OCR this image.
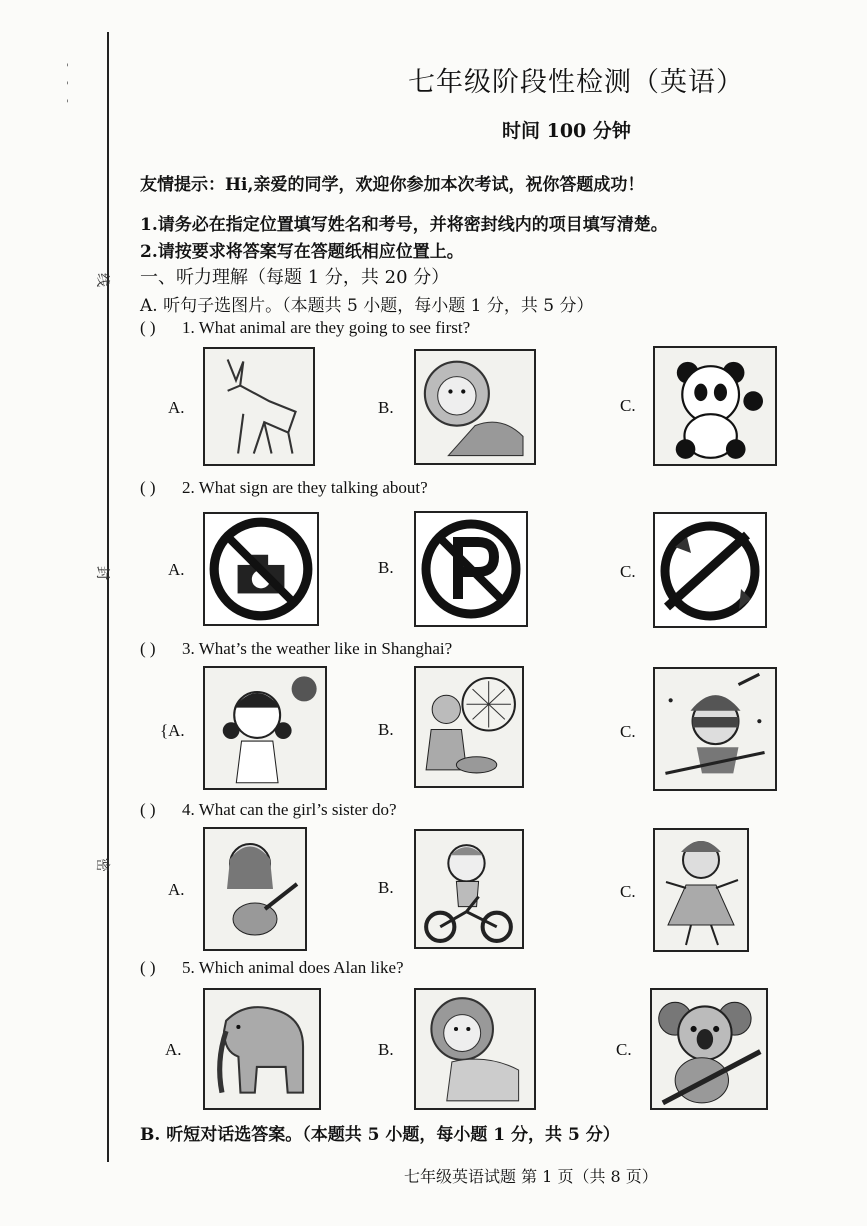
'
'
'
线
封
密
七年级阶段性检测（英语）
时间 100 分钟
友情提示：Hi,亲爱的同学，欢迎你参加本次考试，祝你答题成功！
1.请务必在指定位置填写姓名和考号，并将密封线内的项目填写清楚。
2.请按要求将答案写在答题纸相应位置上。
一、听力理解（每题 1 分，共 20 分）
A. 听句子选图片。（本题共 5 小题，每小题 1 分，共 5 分）
( ) 1. What animal are they going to see first?
A.	B.	C.
( ) 2. What sign are they talking about?
A.	B.	C.
( ) 3. What’s the weather like in Shanghai?
{A.	B.	C.
( ) 4. What can the girl’s sister do?
A.	B.	C.
( ) 5. Which animal does Alan like?
A.	B.	C.
B. 听短对话选答案。（本题共 5 小题，每小题 1 分，共 5 分）
七年级英语试题 第 1 页（共 8 页）
